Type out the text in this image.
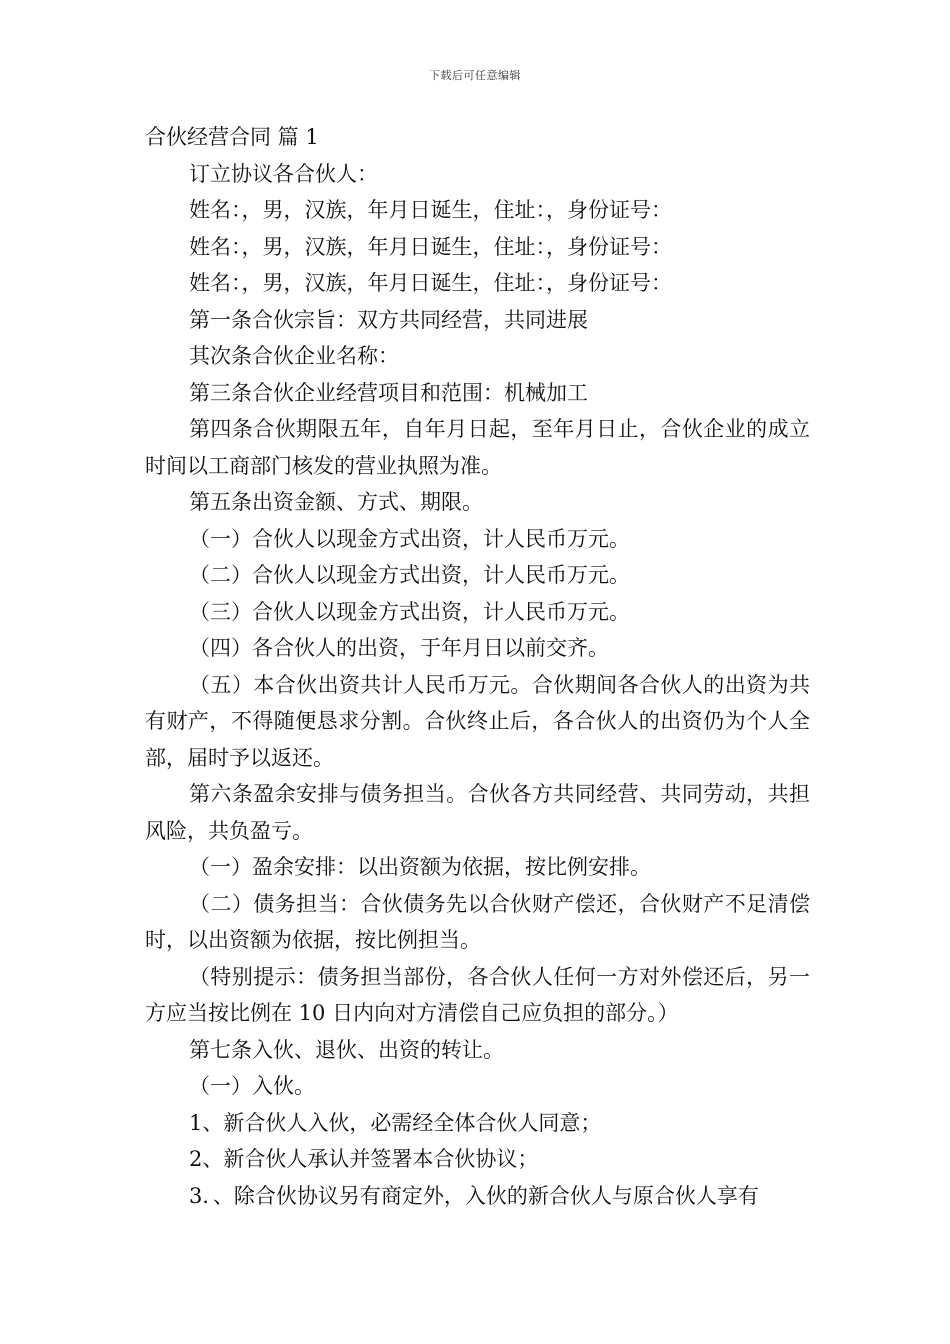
下载后可任意编辑

合伙经营合同 篇 1

订立协议各合伙人：

姓名：，男，汉族，年月日诞生，住址：，身份证号：

姓名：，男，汉族，年月日诞生，住址：，身份证号：

姓名：，男，汉族，年月日诞生，住址：，身份证号：

第一条合伙宗旨：双方共同经营，共同进展

其次条合伙企业名称：

第三条合伙企业经营项目和范围：机械加工

第四条合伙期限五年，自年月日起，至年月日止，合伙企业的成立时间以工商部门核发的营业执照为准。

第五条出资金额、方式、期限。

（一）合伙人以现金方式出资，计人民币万元。

（二）合伙人以现金方式出资，计人民币万元。

（三）合伙人以现金方式出资，计人民币万元。

（四）各合伙人的出资，于年月日以前交齐。

（五）本合伙出资共计人民币万元。合伙期间各合伙人的出资为共有财产，不得随便恳求分割。合伙终止后，各合伙人的出资仍为个人全部，届时予以返还。

第六条盈余安排与债务担当。合伙各方共同经营、共同劳动，共担风险，共负盈亏。

（一）盈余安排：以出资额为依据，按比例安排。

（二）债务担当：合伙债务先以合伙财产偿还，合伙财产不足清偿时，以出资额为依据，按比例担当。

（特别提示：债务担当部份，各合伙人任何一方对外偿还后，另一方应当按比例在 10 日内向对方清偿自己应负担的部分。）

第七条入伙、退伙、出资的转让。

（一）入伙。

1、新合伙人入伙，必需经全体合伙人同意；

2、新合伙人承认并签署本合伙协议；

3．、除合伙协议另有商定外，入伙的新合伙人与原合伙人享有
